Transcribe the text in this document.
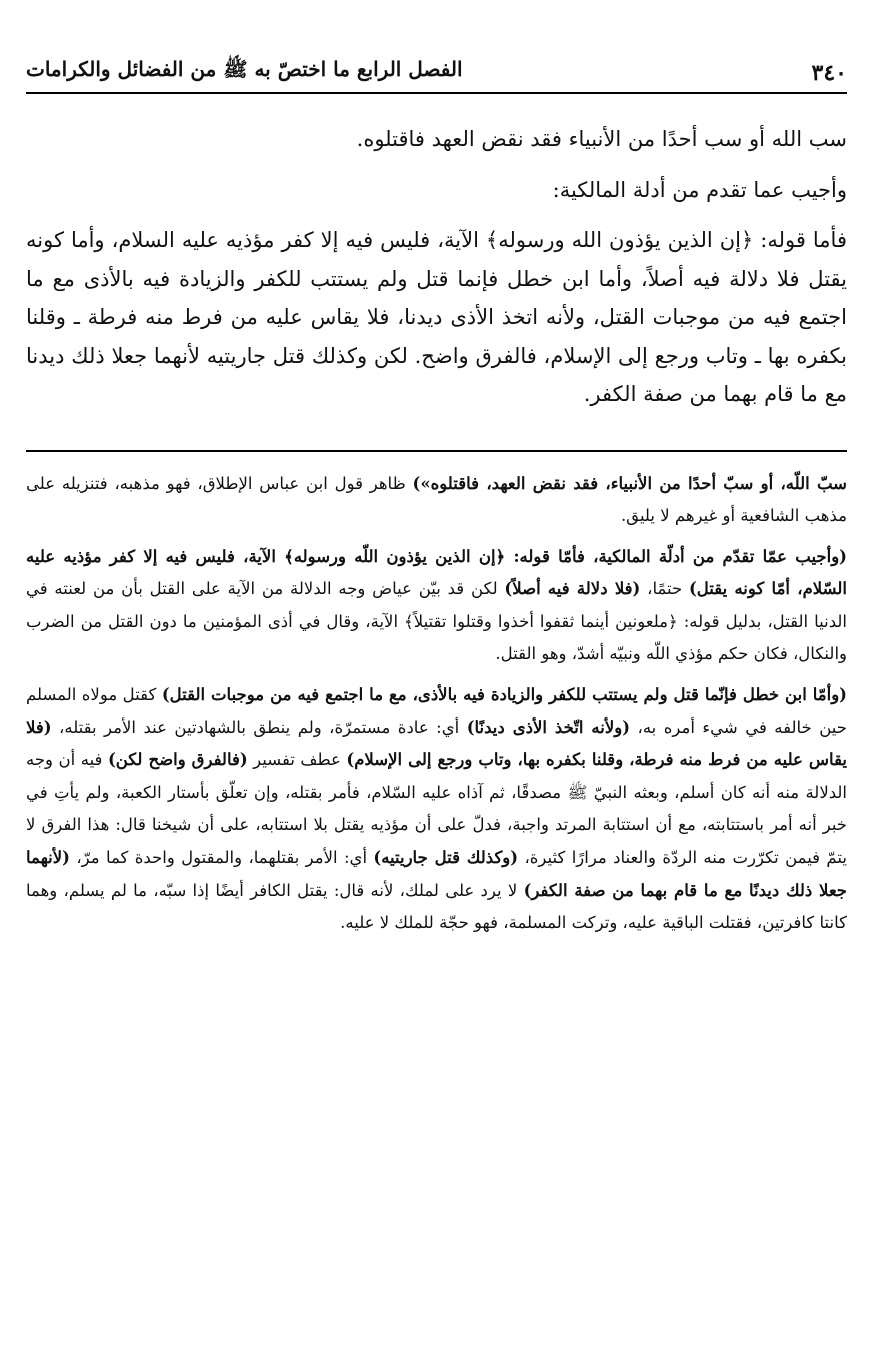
٣٤٠
الفصل الرابع ما اختصّ به ﷺ من الفضائل والكرامات

سب الله أو سب أحدًا من الأنبياء فقد نقض العهد فاقتلوه.

وأجيب عما تقدم من أدلة المالكية:

فأما قوله: ﴿إن الذين يؤذون الله ورسوله﴾ الآية، فليس فيه إلا كفر مؤذيه عليه السلام، وأما كونه يقتل فلا دلالة فيه أصلاً، وأما ابن خطل فإنما قتل ولم يستتب للكفر والزيادة فيه بالأذى مع ما اجتمع فيه من موجبات القتل، ولأنه اتخذ الأذى ديدنا، فلا يقاس عليه من فرط منه فرطة ـ وقلنا بكفره بها ـ وتاب ورجع إلى الإسلام، فالفرق واضح. لكن وكذلك قتل جاريتيه لأنهما جعلا ذلك ديدنا مع ما قام بهما من صفة الكفر.

سبّ اللّه، أو سبّ أحدًا من الأنبياء، فقد نقض العهد، فاقتلوه») ظاهر قول ابن عباس الإطلاق، فهو مذهبه، فتنزيله على مذهب الشافعية أو غيرهم لا يليق.

(وأجيب عمّا تقدّم من أدلّة المالكية، فأمّا قوله: ﴿إن الذين يؤذون اللّه ورسوله﴾ الآية، فليس فيه إلا كفر مؤذيه عليه السّلام، أمّا كونه يقتل) حتمًا، (فلا دلالة فيه أصلاً) لكن قد بيّن عياض وجه الدلالة من الآية على القتل بأن من لعنته في الدنيا القتل، بدليل قوله: ﴿ملعونين أينما ثقفوا أخذوا وقتلوا تقتيلاً﴾ الآية، وقال في أذى المؤمنين ما دون القتل من الضرب والنكال، فكان حكم مؤذي اللّه ونبيّه أشدّ، وهو القتل.

(وأمّا ابن خطل فإنّما قتل ولم يستتب للكفر والزيادة فيه بالأذى، مع ما اجتمع فيه من موجبات القتل) كقتل مولاه المسلم حين خالفه في شيء أمره به، (ولأنه اتّخذ الأذى ديدنًا) أي: عادة مستمرّة، ولم ينطق بالشهادتين عند الأمر بقتله، (فلا يقاس عليه من فرط منه فرطة، وقلنا بكفره بها، وتاب ورجع إلى الإسلام) عطف تفسير (فالفرق واضح لكن) فيه أن وجه الدلالة منه أنه كان أسلم، وبعثه النبيّ ﷺ مصدقًا، ثم آذاه عليه السّلام، فأمر بقتله، وإن تعلّق بأستار الكعبة، ولم يأتِ في خبر أنه أمر باستتابته، مع أن استتابة المرتد واجبة، فدلّ على أن مؤذيه يقتل بلا استتابه، على أن شيخنا قال: هذا الفرق لا يتمّ فيمن تكرّرت منه الردّة والعناد مرارًا كثيرة، (وكذلك قتل جاريتيه) أي: الأمر بقتلهما، والمقتول واحدة كما مرّ، (لأنهما جعلا ذلك ديدنًا مع ما قام بهما من صفة الكفر) لا يرد على لملك، لأنه قال: يقتل الكافر أيضًا إذا سبّه، ما لم يسلم، وهما كانتا كافرتين، فقتلت الباقية عليه، وتركت المسلمة، فهو حجّة للملك لا عليه.
